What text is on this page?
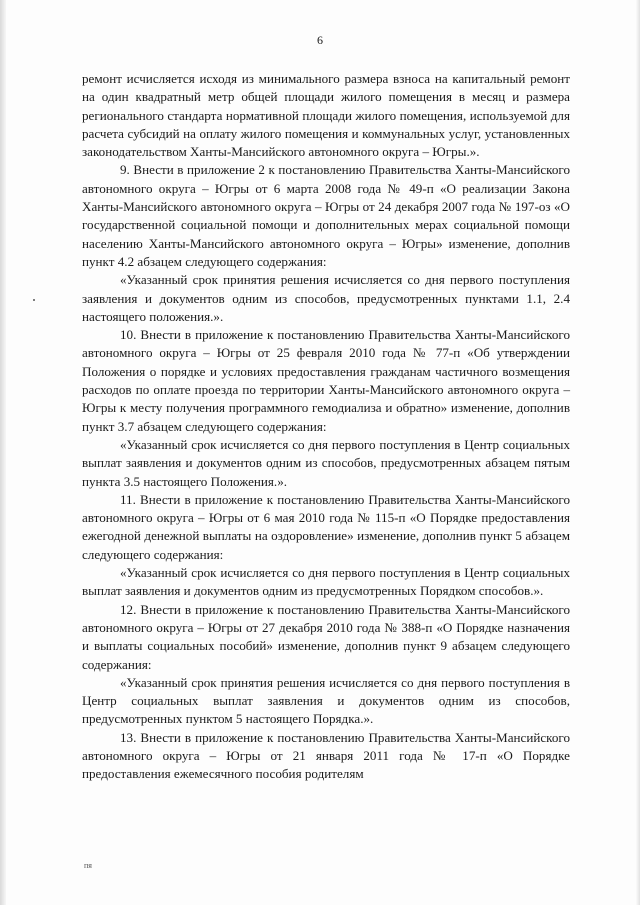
6

ремонт исчисляется исходя из минимального размера взноса на капитальный ремонт на один квадратный метр общей площади жилого помещения в месяц и размера регионального стандарта нормативной площади жилого помещения, используемой для расчета субсидий на оплату жилого помещения и коммунальных услуг, установленных законодательством Ханты-Мансийского автономного округа – Югры.».

9. Внести в приложение 2 к постановлению Правительства Ханты-Мансийского автономного округа – Югры от 6 марта 2008 года № 49-п «О реализации Закона Ханты-Мансийского автономного округа – Югры от 24 декабря 2007 года № 197-оз «О государственной социальной помощи и дополнительных мерах социальной помощи населению Ханты-Мансийского автономного округа – Югры» изменение, дополнив пункт 4.2 абзацем следующего содержания:

«Указанный срок принятия решения исчисляется со дня первого поступления заявления и документов одним из способов, предусмотренных пунктами 1.1, 2.4 настоящего положения.».

10. Внести в приложение к постановлению Правительства Ханты-Мансийского автономного округа – Югры от 25 февраля 2010 года № 77-п «Об утверждении Положения о порядке и условиях предоставления гражданам частичного возмещения расходов по оплате проезда по территории Ханты-Мансийского автономного округа – Югры к месту получения программного гемодиализа и обратно» изменение, дополнив пункт 3.7 абзацем следующего содержания:

«Указанный срок исчисляется со дня первого поступления в Центр социальных выплат заявления и документов одним из способов, предусмотренных абзацем пятым пункта 3.5 настоящего Положения.».

11. Внести в приложение к постановлению Правительства Ханты-Мансийского автономного округа – Югры от 6 мая 2010 года № 115-п «О Порядке предоставления ежегодной денежной выплаты на оздоровление» изменение, дополнив пункт 5 абзацем следующего содержания:

«Указанный срок исчисляется со дня первого поступления в Центр социальных выплат заявления и документов одним из предусмотренных Порядком способов.».

12. Внести в приложение к постановлению Правительства Ханты-Мансийского автономного округа – Югры от 27 декабря 2010 года № 388-п «О Порядке назначения и выплаты социальных пособий» изменение, дополнив пункт 9 абзацем следующего содержания:

«Указанный срок принятия решения исчисляется со дня первого поступления в Центр социальных выплат заявления и документов одним из способов, предусмотренных пунктом 5 настоящего Порядка.».

13. Внести в приложение к постановлению Правительства Ханты-Мансийского автономного округа – Югры от 21 января 2011 года № 17-п «О Порядке предоставления ежемесячного пособия родителям

пя
